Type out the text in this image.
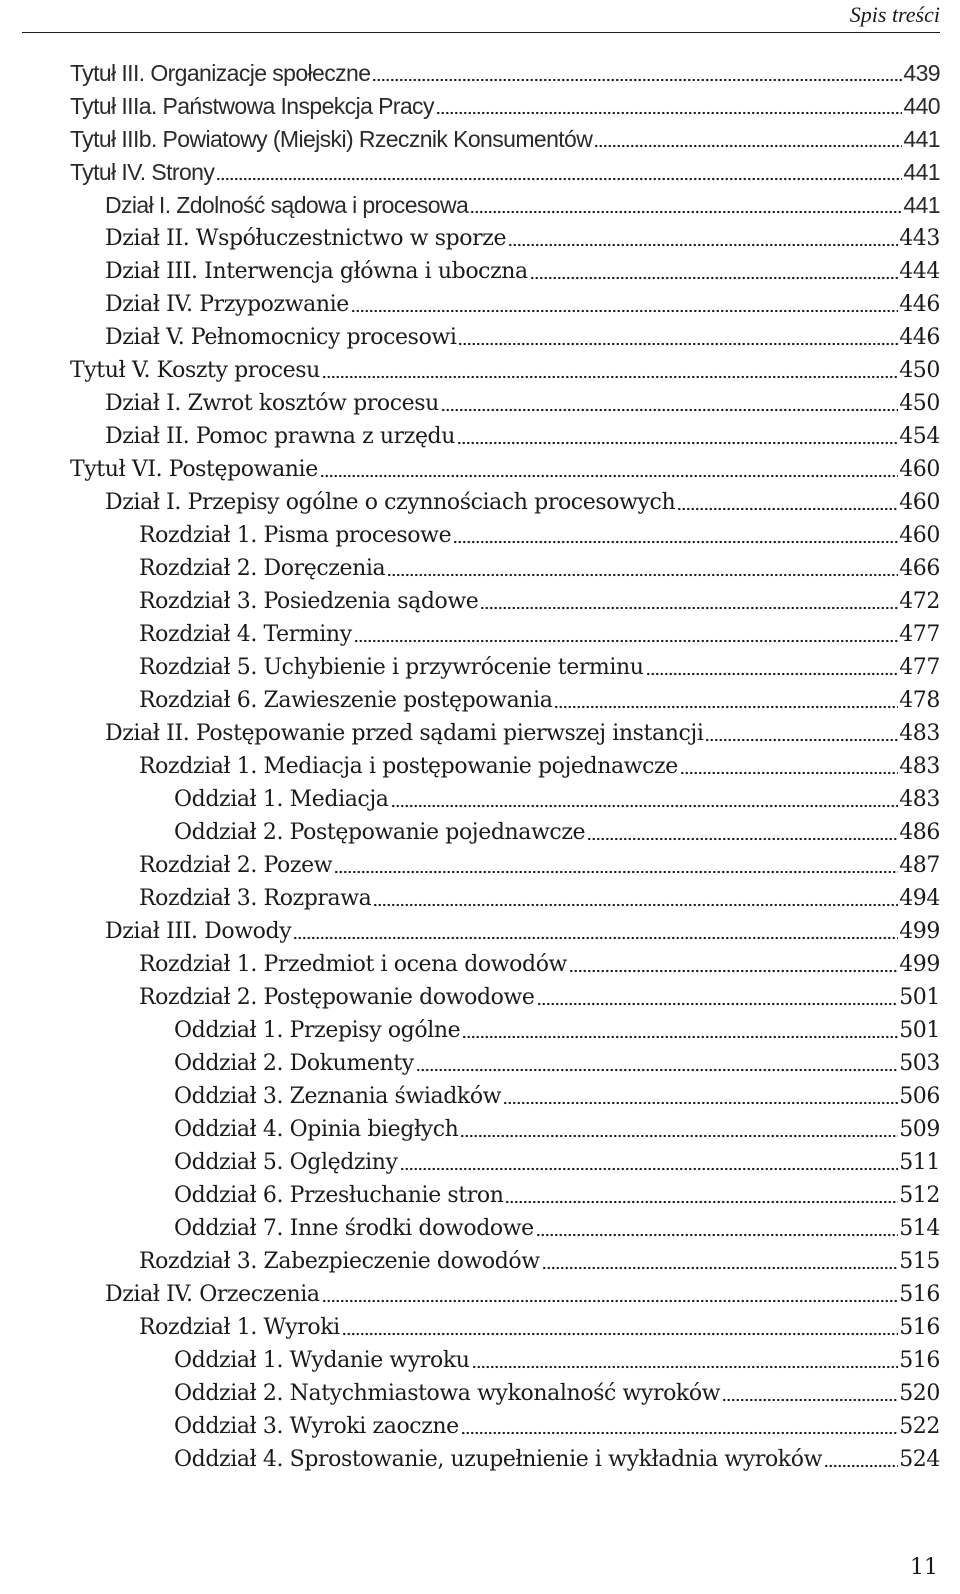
Spis treści
Tytuł III. Organizacje społeczne	439
Tytuł IIIa. Państwowa Inspekcja Pracy	440
Tytuł IIIb. Powiatowy (Miejski) Rzecznik Konsumentów	441
Tytuł IV. Strony	441
Dział I. Zdolność sądowa i procesowa	441
Dział II. Współuczestnictwo w sporze	443
Dział III. Interwencja główna i uboczna	444
Dział IV. Przypozwanie	446
Dział V. Pełnomocnicy procesowi	446
Tytuł V. Koszty procesu	450
Dział I. Zwrot kosztów procesu	450
Dział II. Pomoc prawna z urzędu	454
Tytuł VI. Postępowanie	460
Dział I. Przepisy ogólne o czynnościach procesowych	460
Rozdział 1. Pisma procesowe	460
Rozdział 2. Doręczenia	466
Rozdział 3. Posiedzenia sądowe	472
Rozdział 4. Terminy	477
Rozdział 5. Uchybienie i przywrócenie terminu	477
Rozdział 6. Zawieszenie postępowania	478
Dział II. Postępowanie przed sądami pierwszej instancji	483
Rozdział 1. Mediacja i postępowanie pojednawcze	483
Oddział 1. Mediacja	483
Oddział 2. Postępowanie pojednawcze	486
Rozdział 2. Pozew	487
Rozdział 3. Rozprawa	494
Dział III. Dowody	499
Rozdział 1. Przedmiot i ocena dowodów	499
Rozdział 2. Postępowanie dowodowe	501
Oddział 1. Przepisy ogólne	501
Oddział 2. Dokumenty	503
Oddział 3. Zeznania świadków	506
Oddział 4. Opinia biegłych	509
Oddział 5. Oględziny	511
Oddział 6. Przesłuchanie stron	512
Oddział 7. Inne środki dowodowe	514
Rozdział 3. Zabezpieczenie dowodów	515
Dział IV. Orzeczenia	516
Rozdział 1. Wyroki	516
Oddział 1. Wydanie wyroku	516
Oddział 2. Natychmiastowa wykonalność wyroków	520
Oddział 3. Wyroki zaoczne	522
Oddział 4. Sprostowanie, uzupełnienie i wykładnia wyroków	524
11
